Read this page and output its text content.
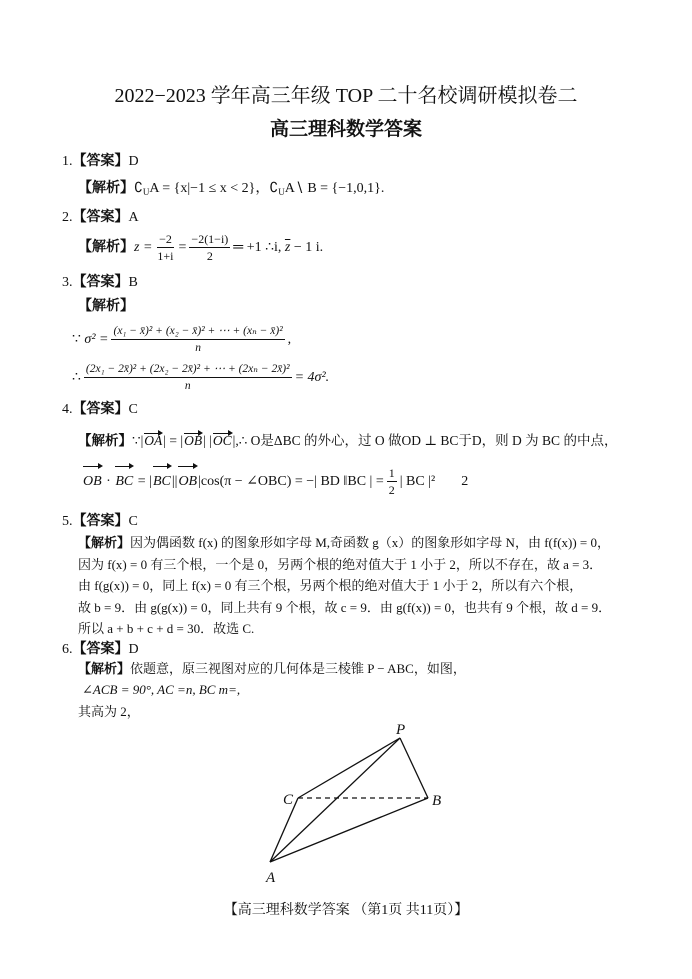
2022−2023 学年高三年级 TOP 二十名校调研模拟卷二
高三理科数学答案
1.【答案】D
【解析】$∁_UA = \{x|-1 \le x < 2\}$，$∁_UA∖$ B = {−1,0,1}.
2.【答案】A
【解析】$z = \frac{-2}{1+i} = \frac{-2(1-i)}{2}$ ═ +1 ∴i, $\overline{z} - 1$ i.
3.【答案】B
【解析】
∵ $\sigma^2 = \frac{\text{(x₁ − x̄)² + (x₂ − x̄)² + ⋯ + (xₙ − x̄)²}}{n}$ ,
∴ $\frac{\text{(2x₁ − 2x̄)² + (2x₂ − 2x̄)² + ⋯ + (2xₙ − 2x̄)²}}{n} = 4\sigma^2$.
4.【答案】C
【解析】∵|OA| = |OB| |OC|,∴ O是ΔBC 的外心，过 O 做OD ⊥ BC于D，则 D 为 BC 的中点，
OB · BC = |BC||OB|cos(π − ∠OBC) = −| BD ‖BC | = $\frac{1}{2}$ | BC |² 2
5.【答案】C
【解析】因为偶函数 f(x) 的图象形如字母 M,奇函数 g（x）的图象形如字母 N，由 f(f(x)) = 0，
因为 f(x) = 0 有三个根，一个是 0，另两个根的绝对值大于 1 小于 2，所以不存在，故 a = 3．
由 f(g(x)) = 0，同上 f(x) = 0 有三个根，另两个根的绝对值大于 1 小于 2，所以有六个根，
故 b = 9．由 g(g(x)) = 0，同上共有 9 个根，故 c = 9．由 g(f(x)) = 0，也共有 9 个根，故 d = 9．
所以 a + b + c + d = 30．故选 C.
6.【答案】D
【解析】依题意，原三视图对应的几何体是三棱锥 P − ABC，如图，
∠ACB = 90°, AC =n, BC m=,
其高为 2，
P
C	B
A
【高三理科数学答案 （第1页 共11页）】
